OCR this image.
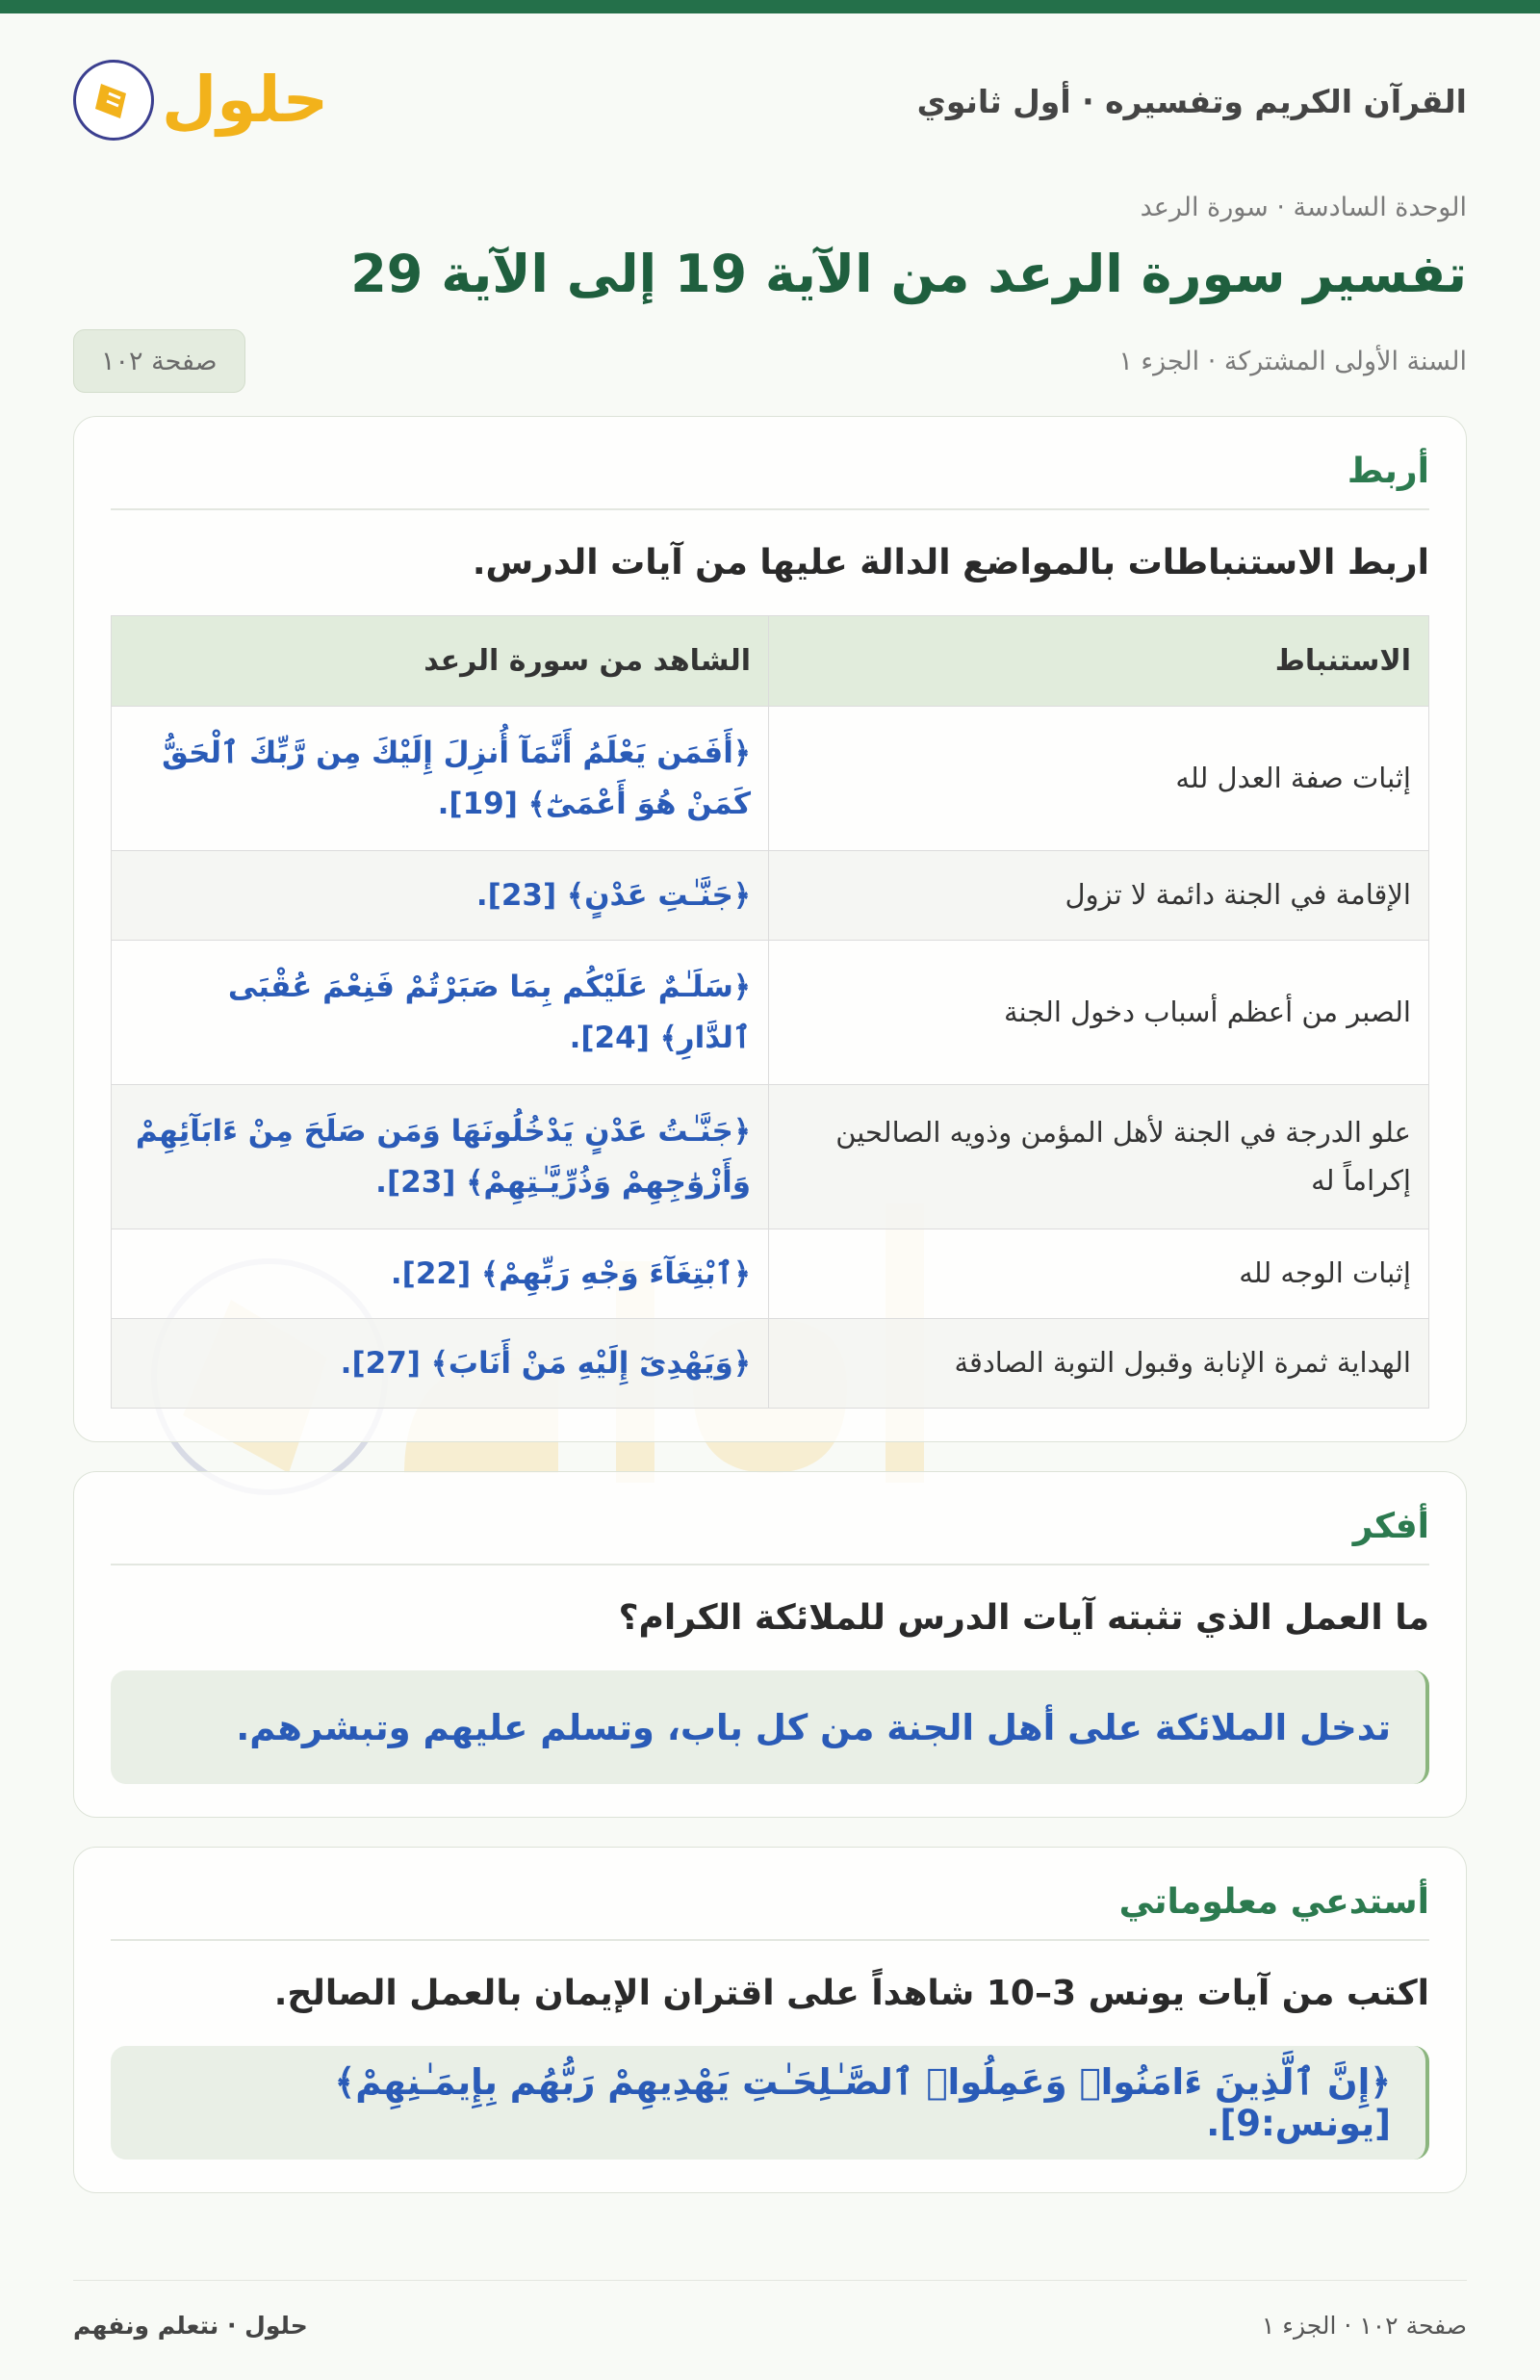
القرآن الكريم وتفسيره · أول ثانوي
حلول
الوحدة السادسة · سورة الرعد
تفسير سورة الرعد من الآية 19 إلى الآية 29
السنة الأولى المشتركة · الجزء ١
صفحة ١٠٢
أربط
اربط الاستنباطات بالمواضع الدالة عليها من آيات الدرس.
الاستنباط	الشاهد من سورة الرعد
إثبات صفة العدل لله	﴿أَفَمَن يَعْلَمُ أَنَّمَآ أُنزِلَ إِلَيْكَ مِن رَّبِّكَ ٱلْحَقُّ كَمَنْ هُوَ أَعْمَىٰٓ﴾ [19].
الإقامة في الجنة دائمة لا تزول	﴿جَنَّـٰتِ عَدْنٍ﴾ [23].
الصبر من أعظم أسباب دخول الجنة	﴿سَلَـٰمٌ عَلَيْكُم بِمَا صَبَرْتُمْ فَنِعْمَ عُقْبَى ٱلدَّارِ﴾ [24].
علو الدرجة في الجنة لأهل المؤمن وذويه الصالحين إكراماً له	﴿جَنَّـٰتُ عَدْنٍ يَدْخُلُونَهَا وَمَن صَلَحَ مِنْ ءَابَآئِهِمْ وَأَزْوَٰجِهِمْ وَذُرِّيَّـٰتِهِمْ﴾ [23].
إثبات الوجه لله	﴿ٱبْتِغَآءَ وَجْهِ رَبِّهِمْ﴾ [22].
الهداية ثمرة الإنابة وقبول التوبة الصادقة	﴿وَيَهْدِىٓ إِلَيْهِ مَنْ أَنَابَ﴾ [27].
أفكر
ما العمل الذي تثبته آيات الدرس للملائكة الكرام؟
تدخل الملائكة على أهل الجنة من كل باب، وتسلم عليهم وتبشرهم.
أستدعي معلوماتي
اكتب من آيات يونس 3–10 شاهداً على اقتران الإيمان بالعمل الصالح.
﴿إِنَّ ٱلَّذِينَ ءَامَنُوا۟ وَعَمِلُوا۟ ٱلصَّـٰلِحَـٰتِ يَهْدِيهِمْ رَبُّهُم بِإِيمَـٰنِهِمْ﴾ [يونس:9].
صفحة ١٠٢ · الجزء ١
حلول · نتعلم ونفهم
